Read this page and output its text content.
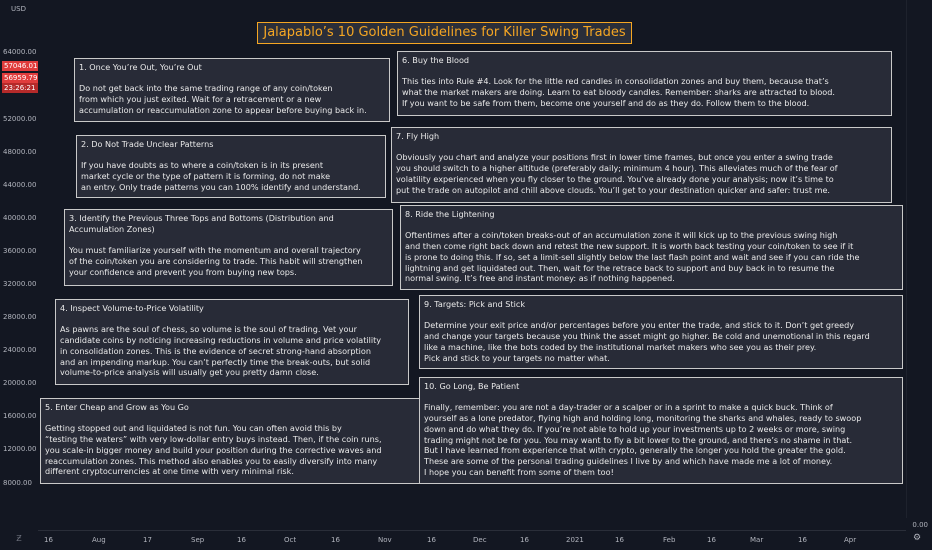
USD
64000.00
57046.01
56959.79
23:26:21
52000.00
48000.00
44000.00
40000.00
36000.00
32000.00
28000.00
24000.00
20000.00
16000.00
12000.00
8000.00
0.00
16	Aug	17	Sep	16	Oct	16	Nov	16	Dec	16	2021	16	Feb	16	Mar	16	Apr
Ƶ	⚙
Jalapablo’s 10 Golden Guidelines for Killer Swing Trades
1. Once You’re Out, You’re Out
Do not get back into the same trading range of any coin/token
from which you just exited. Wait for a retracement or a new
accumulation or reaccumulation zone to appear before buying back in.
2. Do Not Trade Unclear Patterns
If you have doubts as to where a coin/token is in its present
market cycle or the type of pattern it is forming, do not make
an entry. Only trade patterns you can 100% identify and understand.
3. Identify the Previous Three Tops and Bottoms (Distribution and Accumulation Zones)
You must familiarize yourself with the momentum and overall trajectory
of the coin/token you are considering to trade. This habit will strengthen
your confidence and prevent you from buying new tops.
4. Inspect Volume-to-Price Volatility
As pawns are the soul of chess, so volume is the soul of trading. Vet your
candidate coins by noticing increasing reductions in volume and price volatility
in consolidation zones. This is the evidence of secret strong-hand absorption
and an impending markup. You can’t perfectly time the break-outs, but solid
volume-to-price analysis will usually get you pretty damn close.
5. Enter Cheap and Grow as You Go
Getting stopped out and liquidated is not fun. You can often avoid this by
“testing the waters” with very low-dollar entry buys instead. Then, if the coin runs,
you scale-in bigger money and build your position during the corrective waves and
reaccumulation zones. This method also enables you to easily diversify into many
different cryptocurrencies at one time with very minimal risk.
6. Buy the Blood
This ties into Rule #4. Look for the little red candles in consolidation zones and buy them, because that’s
what the market makers are doing. Learn to eat bloody candles. Remember: sharks are attracted to blood.
If you want to be safe from them, become one yourself and do as they do. Follow them to the blood.
7. Fly High
Obviously you chart and analyze your positions first in lower time frames, but once you enter a swing trade
you should switch to a higher altitude (preferably daily; minimum 4 hour). This alleviates much of the fear of
volatility experienced when you fly closer to the ground. You’ve already done your analysis; now it’s time to
put the trade on autopilot and chill above clouds. You’ll get to your destination quicker and safer: trust me.
8. Ride the Lightening
Oftentimes after a coin/token breaks-out of an accumulation zone it will kick up to the previous swing high
and then come right back down and retest the new support. It is worth back testing your coin/token to see if it
is prone to doing this. If so, set a limit-sell slightly below the last flash point and wait and see if you can ride the
lightning and get liquidated out. Then, wait for the retrace back to support and buy back in to resume the
normal swing. It’s free and instant money: as if nothing happened.
9. Targets: Pick and Stick
Determine your exit price and/or percentages before you enter the trade, and stick to it. Don’t get greedy
and change your targets because you think the asset might go higher. Be cold and unemotional in this regard
like a machine, like the bots coded by the institutional market makers who see you as their prey.
Pick and stick to your targets no matter what.
10. Go Long, Be Patient
Finally, remember: you are not a day-trader or a scalper or in a sprint to make a quick buck. Think of
yourself as a lone predator, flying high and holding long, monitoring the sharks and whales, ready to swoop
down and do what they do. If you’re not able to hold up your investments up to 2 weeks or more, swing
trading might not be for you. You may want to fly a bit lower to the ground, and there’s no shame in that.
But I have learned from experience that with crypto, generally the longer you hold the greater the gold.
These are some of the personal trading guidelines I live by and which have made me a lot of money.
I hope you can benefit from some of them too!
